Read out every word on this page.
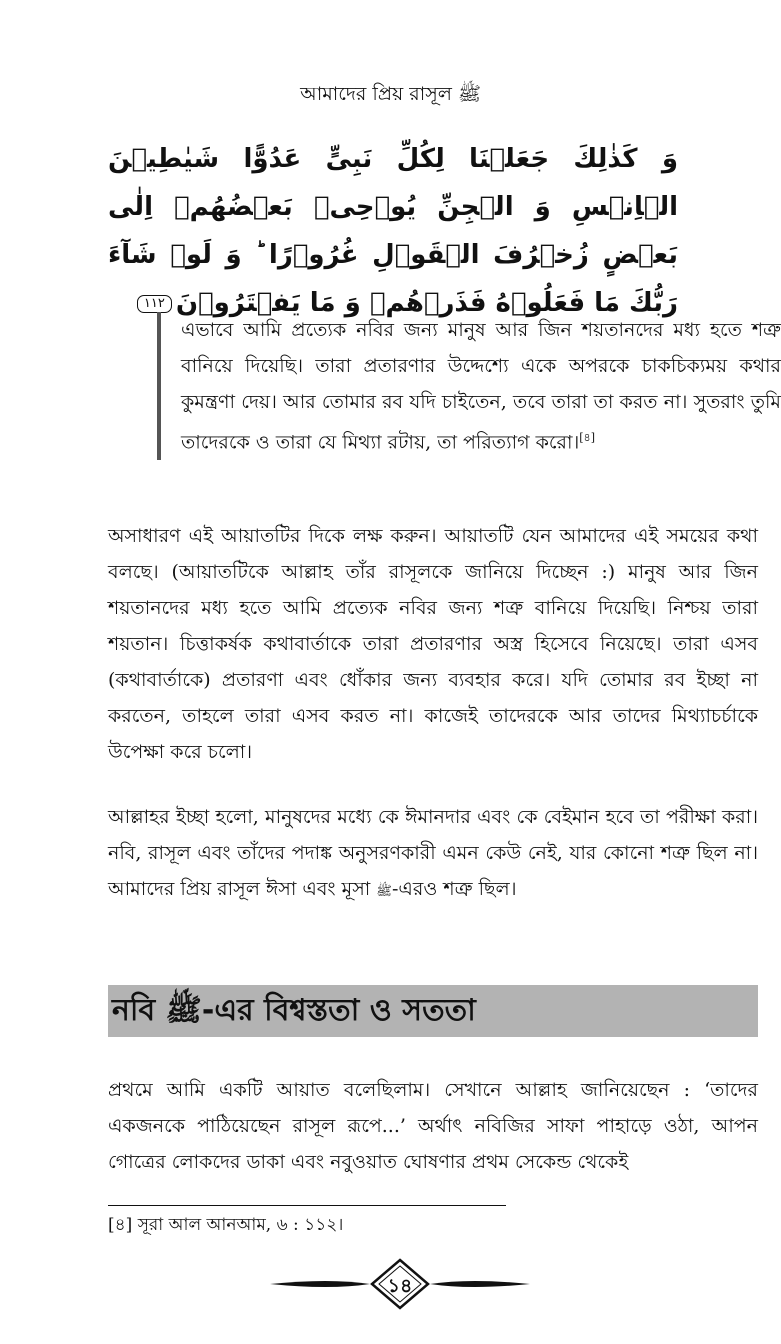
আমাদের প্রিয় রাসূল ﷺ
وَ كَذٰلِكَ جَعَلۡنَا لِكُلِّ نَبِیٍّ عَدُوًّا شَیٰطِیۡنَ الۡاِنۡسِ وَ الۡجِنِّ یُوۡحِیۡ بَعۡضُهُمۡ اِلٰی بَعۡضٍ زُخۡرُفَ الۡقَوۡلِ غُرُوۡرًا ؕ وَ لَوۡ شَآءَ رَبُّكَ مَا فَعَلُوۡهُ فَذَرۡهُمۡ وَ مَا یَفۡتَرُوۡنَ١١٢
এভাবে আমি প্রত্যেক নবির জন্য মানুষ আর জিন শয়তানদের মধ্য হতে শত্রু বানিয়ে দিয়েছি। তারা প্রতারণার উদ্দেশ্যে একে অপরকে চাকচিক্যময় কথার কুমন্ত্রণা দেয়। আর তোমার রব যদি চাইতেন, তবে তারা তা করত না। সুতরাং তুমি তাদেরকে ও তারা যে মিথ্যা রটায়, তা পরিত্যাগ করো।[৪]
অসাধারণ এই আয়াতটির দিকে লক্ষ করুন। আয়াতটি যেন আমাদের এই সময়ের কথা বলছে। (আয়াতটিকে আল্লাহ তাঁর রাসূলকে জানিয়ে দিচ্ছেন :) মানুষ আর জিন শয়তানদের মধ্য হতে আমি প্রত্যেক নবির জন্য শত্রু বানিয়ে দিয়েছি। নিশ্চয় তারা শয়তান। চিত্তাকর্ষক কথাবার্তাকে তারা প্রতারণার অস্ত্র হিসেবে নিয়েছে। তারা এসব (কথাবার্তাকে) প্রতারণা এবং ধোঁকার জন্য ব্যবহার করে। যদি তোমার রব ইচ্ছা না করতেন, তাহলে তারা এসব করত না। কাজেই তাদেরকে আর তাদের মিথ্যাচর্চাকে উপেক্ষা করে চলো।
আল্লাহর ইচ্ছা হলো, মানুষদের মধ্যে কে ঈমানদার এবং কে বেইমান হবে তা পরীক্ষা করা। নবি, রাসূল এবং তাঁদের পদাঙ্ক অনুসরণকারী এমন কেউ নেই, যার কোনো শত্রু ছিল না। আমাদের প্রিয় রাসূল ঈসা এবং মূসা ﷺ-এরও শত্রু ছিল।
নবি ﷺ-এর বিশ্বস্ততা ও সততা
প্রথমে আমি একটি আয়াত বলেছিলাম। সেখানে আল্লাহ জানিয়েছেন : ‘তাদের একজনকে পাঠিয়েছেন রাসূল রূপে...’ অর্থাৎ নবিজির সাফা পাহাড়ে ওঠা, আপন গোত্রের লোকদের ডাকা এবং নবুওয়াত ঘোষণার প্রথম সেকেন্ড থেকেই
[৪] সূরা আল আনআম, ৬ : ১১২।
১৪
